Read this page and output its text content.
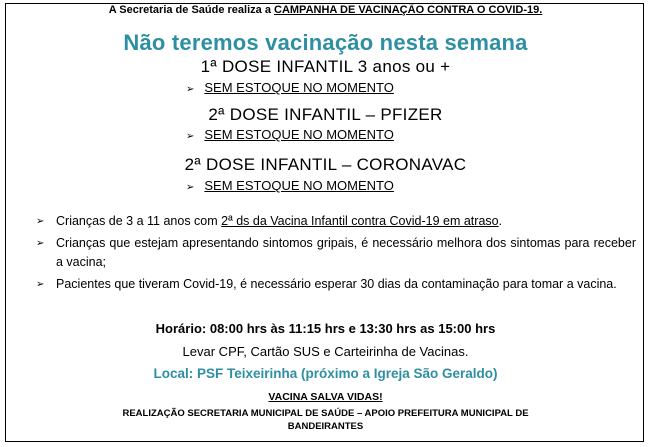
A Secretaria de Saúde realiza a CAMPANHA DE VACINAÇÃO CONTRA O COVID-19.
Não teremos vacinação nesta semana
1ª DOSE INFANTIL 3 anos ou +
➢ SEM ESTOQUE NO MOMENTO
2ª DOSE INFANTIL – PFIZER
➢ SEM ESTOQUE NO MOMENTO
2ª DOSE INFANTIL – CORONAVAC
➢ SEM ESTOQUE NO MOMENTO
➢ Crianças de 3 a 11 anos com 2ª ds da Vacina Infantil contra Covid-19 em atraso.
➢ Crianças que estejam apresentando sintomos gripais, é necessário melhora dos sintomas para receber a vacina;
➢ Pacientes que tiveram Covid-19, é necessário esperar 30 dias da contaminação para tomar a vacina.
Horário: 08:00 hrs às 11:15 hrs e 13:30 hrs as 15:00 hrs
Levar CPF, Cartão SUS e Carteirinha de Vacinas.
Local: PSF Teixeirinha (próximo a Igreja São Geraldo)
VACINA SALVA VIDAS!
REALIZAÇÃO SECRETARIA MUNICIPAL DE SAÚDE – APOIO PREFEITURA MUNICIPAL DE
BANDEIRANTES
